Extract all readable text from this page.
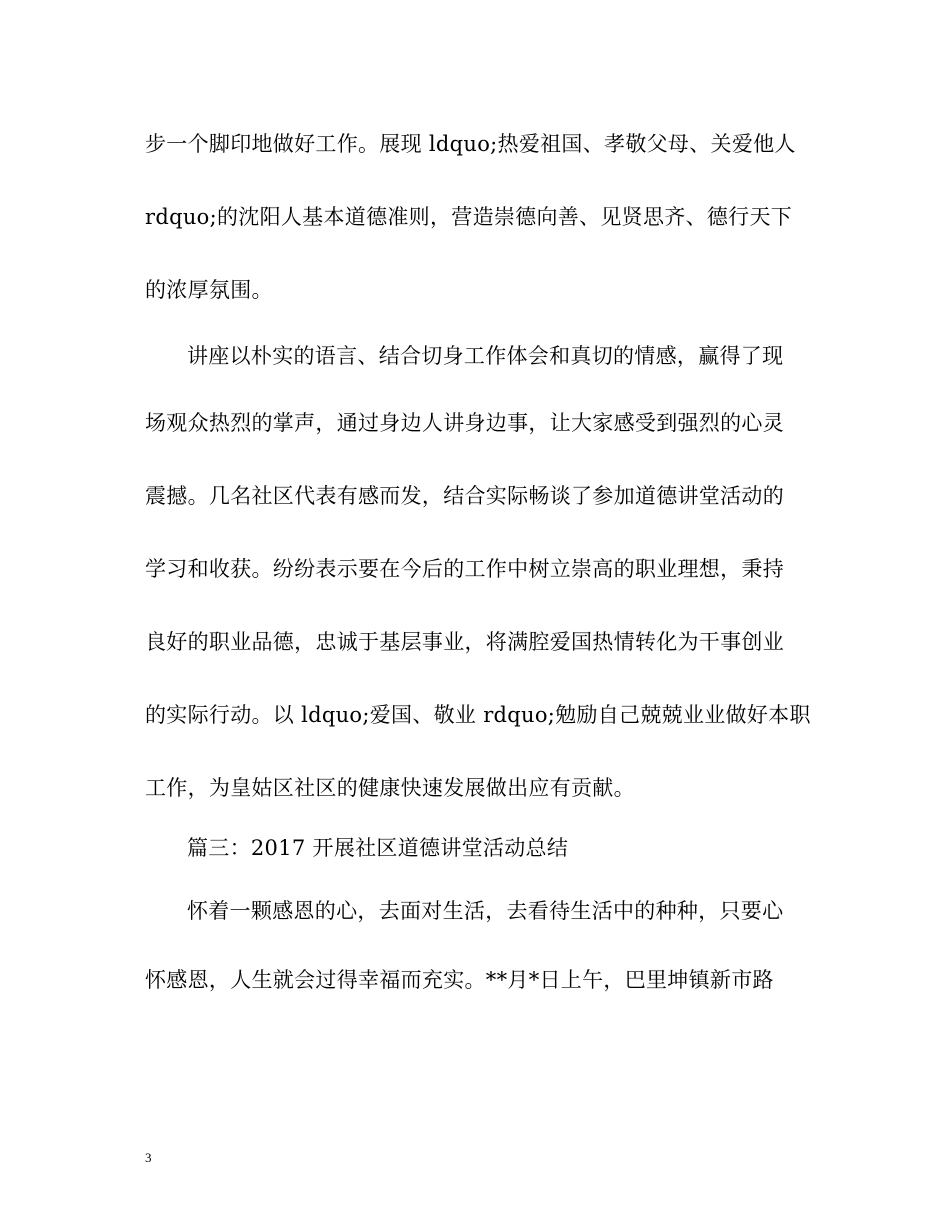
步一个脚印地做好工作。展现 ldquo;热爱祖国、孝敬父母、关爱他人
rdquo;的沈阳人基本道德准则，营造崇德向善、见贤思齐、德行天下
的浓厚氛围。
讲座以朴实的语言、结合切身工作体会和真切的情感，赢得了现
场观众热烈的掌声，通过身边人讲身边事，让大家感受到强烈的心灵
震撼。几名社区代表有感而发，结合实际畅谈了参加道德讲堂活动的
学习和收获。纷纷表示要在今后的工作中树立崇高的职业理想，秉持
良好的职业品德，忠诚于基层事业，将满腔爱国热情转化为干事创业
的实际行动。以 ldquo;爱国、敬业 rdquo;勉励自己兢兢业业做好本职
工作，为皇姑区社区的健康快速发展做出应有贡献。
篇三：2017 开展社区道德讲堂活动总结
怀着一颗感恩的心，去面对生活，去看待生活中的种种，只要心
怀感恩，人生就会过得幸福而充实。**月*日上午，巴里坤镇新市路
3
